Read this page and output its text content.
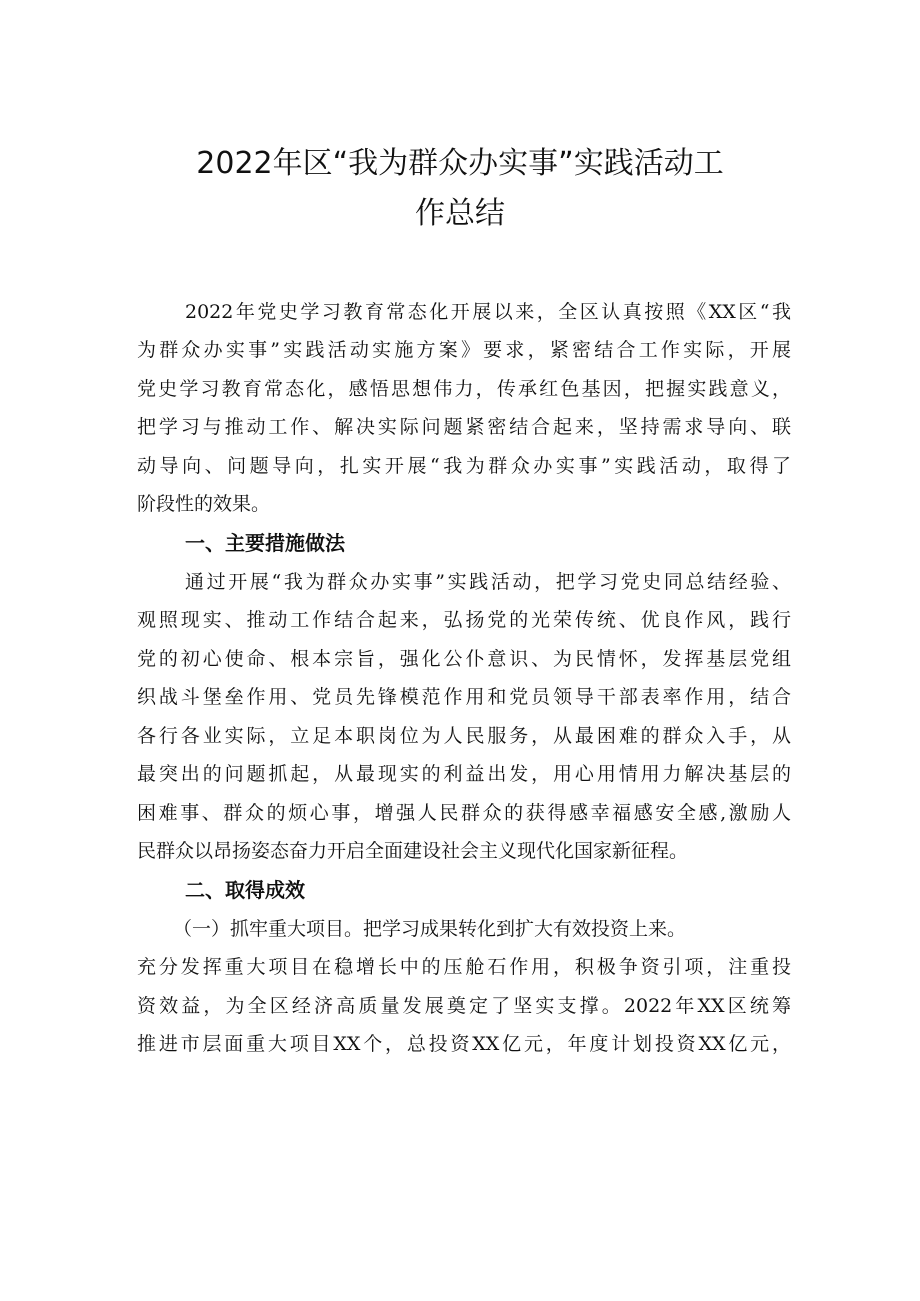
2022年区“我为群众办实事”实践活动工
作总结

2022年党史学习教育常态化开展以来，全区认真按照《XX区“我

为群众办实事”实践活动实施方案》要求，紧密结合工作实际，开展

党史学习教育常态化，感悟思想伟力，传承红色基因，把握实践意义，

把学习与推动工作、解决实际问题紧密结合起来，坚持需求导向、联

动导向、问题导向，扎实开展“我为群众办实事”实践活动，取得了

阶段性的效果。

一、主要措施做法

通过开展“我为群众办实事”实践活动，把学习党史同总结经验、

观照现实、推动工作结合起来，弘扬党的光荣传统、优良作风，践行

党的初心使命、根本宗旨，强化公仆意识、为民情怀，发挥基层党组

织战斗堡垒作用、党员先锋模范作用和党员领导干部表率作用，结合

各行各业实际，立足本职岗位为人民服务，从最困难的群众入手，从

最突出的问题抓起，从最现实的利益出发，用心用情用力解决基层的

困难事、群众的烦心事，增强人民群众的获得感幸福感安全感,激励人

民群众以昂扬姿态奋力开启全面建设社会主义现代化国家新征程。

二、取得成效

（一）抓牢重大项目。把学习成果转化到扩大有效投资上来。

充分发挥重大项目在稳增长中的压舱石作用，积极争资引项，注重投

资效益，为全区经济高质量发展奠定了坚实支撑。2022年XX区统筹

推进市层面重大项目XX个，总投资XX亿元，年度计划投资XX亿元，
